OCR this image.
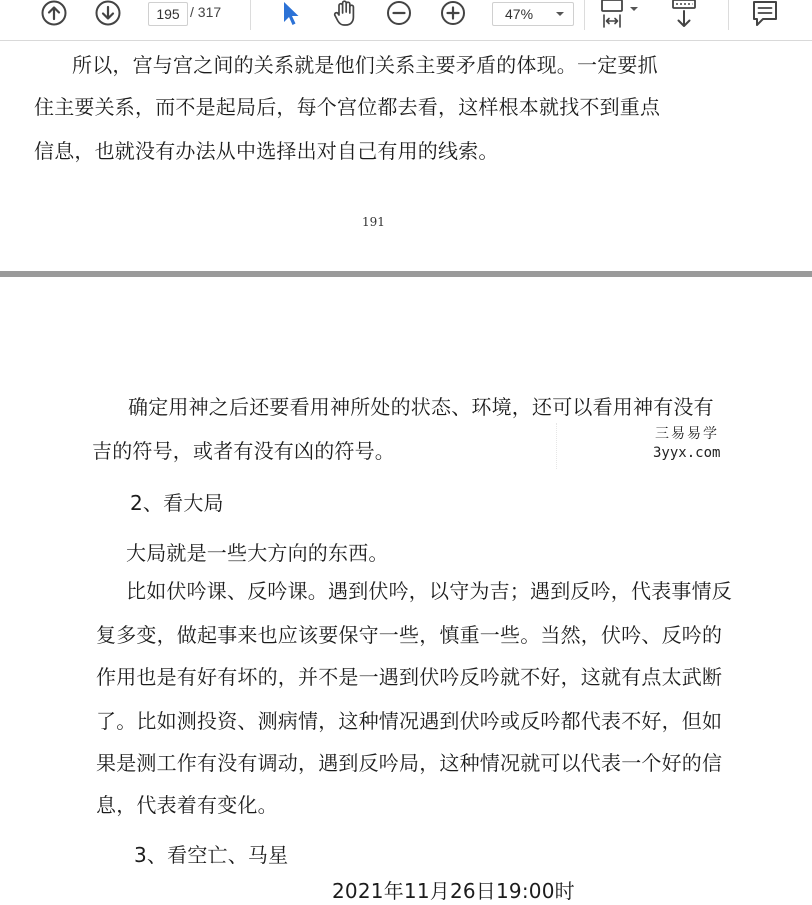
195 / 317	47%
所以，宫与宫之间的关系就是他们关系主要矛盾的体现。一定要抓
住主要关系，而不是起局后，每个宫位都去看，这样根本就找不到重点
信息，也就没有办法从中选择出对自己有用的线索。
191
确定用神之后还要看用神所处的状态、环境，还可以看用神有没有
吉的符号，或者有没有凶的符号。
三易易学
3yyx.com
2、看大局
大局就是一些大方向的东西。
比如伏吟课、反吟课。遇到伏吟，以守为吉；遇到反吟，代表事情反
复多变，做起事来也应该要保守一些，慎重一些。当然，伏吟、反吟的
作用也是有好有坏的，并不是一遇到伏吟反吟就不好，这就有点太武断
了。比如测投资、测病情，这种情况遇到伏吟或反吟都代表不好，但如
果是测工作有没有调动，遇到反吟局，这种情况就可以代表一个好的信
息，代表着有变化。
3、看空亡、马星
2021年11月26日19:00时
